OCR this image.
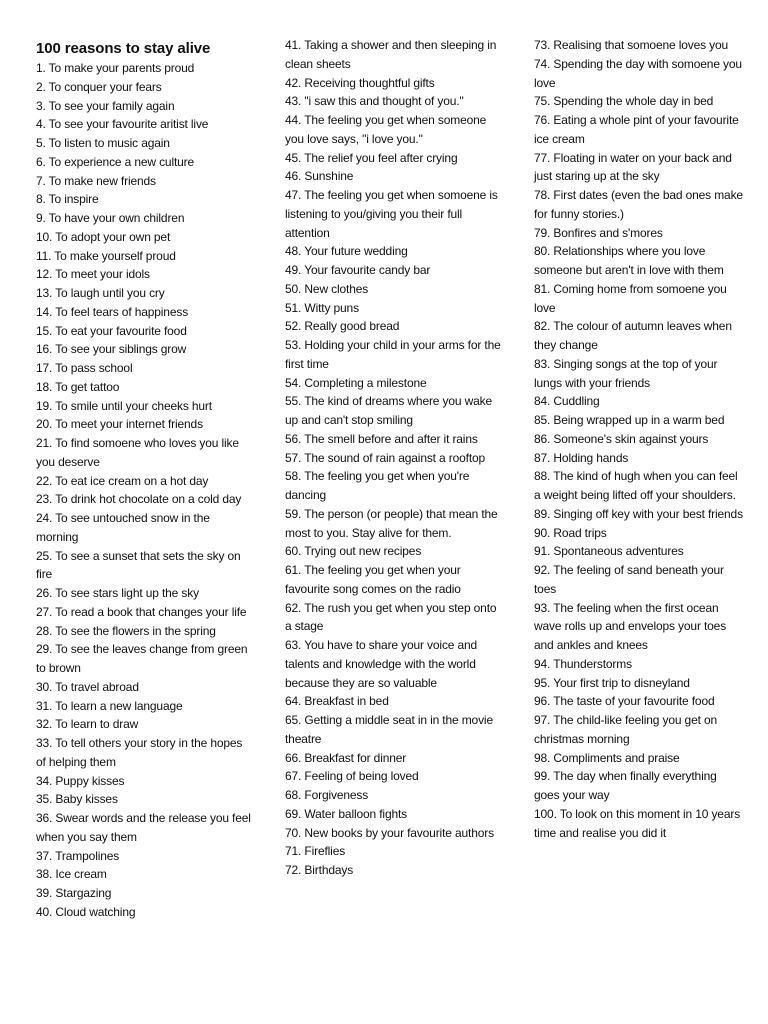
100 reasons to stay alive
1. To make your parents proud
2. To conquer your fears
3. To see your family again
4. To see your favourite aritist live
5. To listen to music again
6. To experience a new culture
7. To make new friends
8. To inspire
9. To have your own children
10. To adopt your own pet
11. To make yourself proud
12. To meet your idols
13. To laugh until you cry
14. To feel tears of happiness
15. To eat your favourite food
16. To see your siblings grow
17. To pass school
18. To get tattoo
19. To smile until your cheeks hurt
20. To meet your internet friends
21. To find somoene who loves you like you deserve
22. To eat ice cream on a hot day
23. To drink hot chocolate on a cold day
24. To see untouched snow in the morning
25. To see a sunset that sets the sky on fire
26. To see stars light up the sky
27. To read a book that changes your life
28. To see the flowers in the spring
29. To see the leaves change from green to brown
30. To travel abroad
31. To learn a new language
32. To learn to draw
33. To tell others your story in the hopes of helping them
34. Puppy kisses
35. Baby kisses
36. Swear words and the release you feel when you say them
37. Trampolines
38. Ice cream
39. Stargazing
40. Cloud watching
41. Taking a shower and then sleeping in clean sheets
42. Receiving thoughtful gifts
43. "i saw this and thought of you."
44. The feeling you get when someone you love says, "i love you."
45. The relief you feel after crying
46. Sunshine
47. The feeling you get when somoene is listening to you/giving you their full attention
48. Your future wedding
49. Your favourite candy bar
50. New clothes
51. Witty puns
52. Really good bread
53. Holding your child in your arms for the first time
54. Completing a milestone
55. The kind of dreams where you wake up and can't stop smiling
56. The smell before and after it rains
57. The sound of rain against a rooftop
58. The feeling you get when you're dancing
59. The person (or people) that mean the most to you. Stay alive for them.
60. Trying out new recipes
61. The feeling you get when your favourite song comes on the radio
62. The rush you get when you step onto a stage
63. You have to share your voice and talents and knowledge with the world because they are so valuable
64. Breakfast in bed
65. Getting a middle seat in in the movie theatre
66. Breakfast for dinner
67. Feeling of being loved
68. Forgiveness
69. Water balloon fights
70. New books by your favourite authors
71. Fireflies
72. Birthdays
73. Realising that somoene loves you
74. Spending the day with somoene you love
75. Spending the whole day in bed
76. Eating a whole pint of your favourite ice cream
77. Floating in water on your back and just staring up at the sky
78. First dates (even the bad ones make for funny stories.)
79. Bonfires and s'mores
80. Relationships where you love someone but aren't in love with them
81. Coming home from somoene you love
82. The colour of autumn leaves when they change
83. Singing songs at the top of your lungs with your friends
84. Cuddling
85. Being wrapped up in a warm bed
86. Someone's skin against yours
87. Holding hands
88. The kind of hugh when you can feel a weight being lifted off your shoulders.
89. Singing off key with your best friends
90. Road trips
91. Spontaneous adventures
92. The feeling of sand beneath your toes
93. The feeling when the first ocean wave rolls up and envelops your toes and ankles and knees
94. Thunderstorms
95. Your first trip to disneyland
96. The taste of your favourite food
97. The child-like feeling you get on christmas morning
98. Compliments and praise
99. The day when finally everything goes your way
100. To look on this moment in 10 years time and realise you did it
